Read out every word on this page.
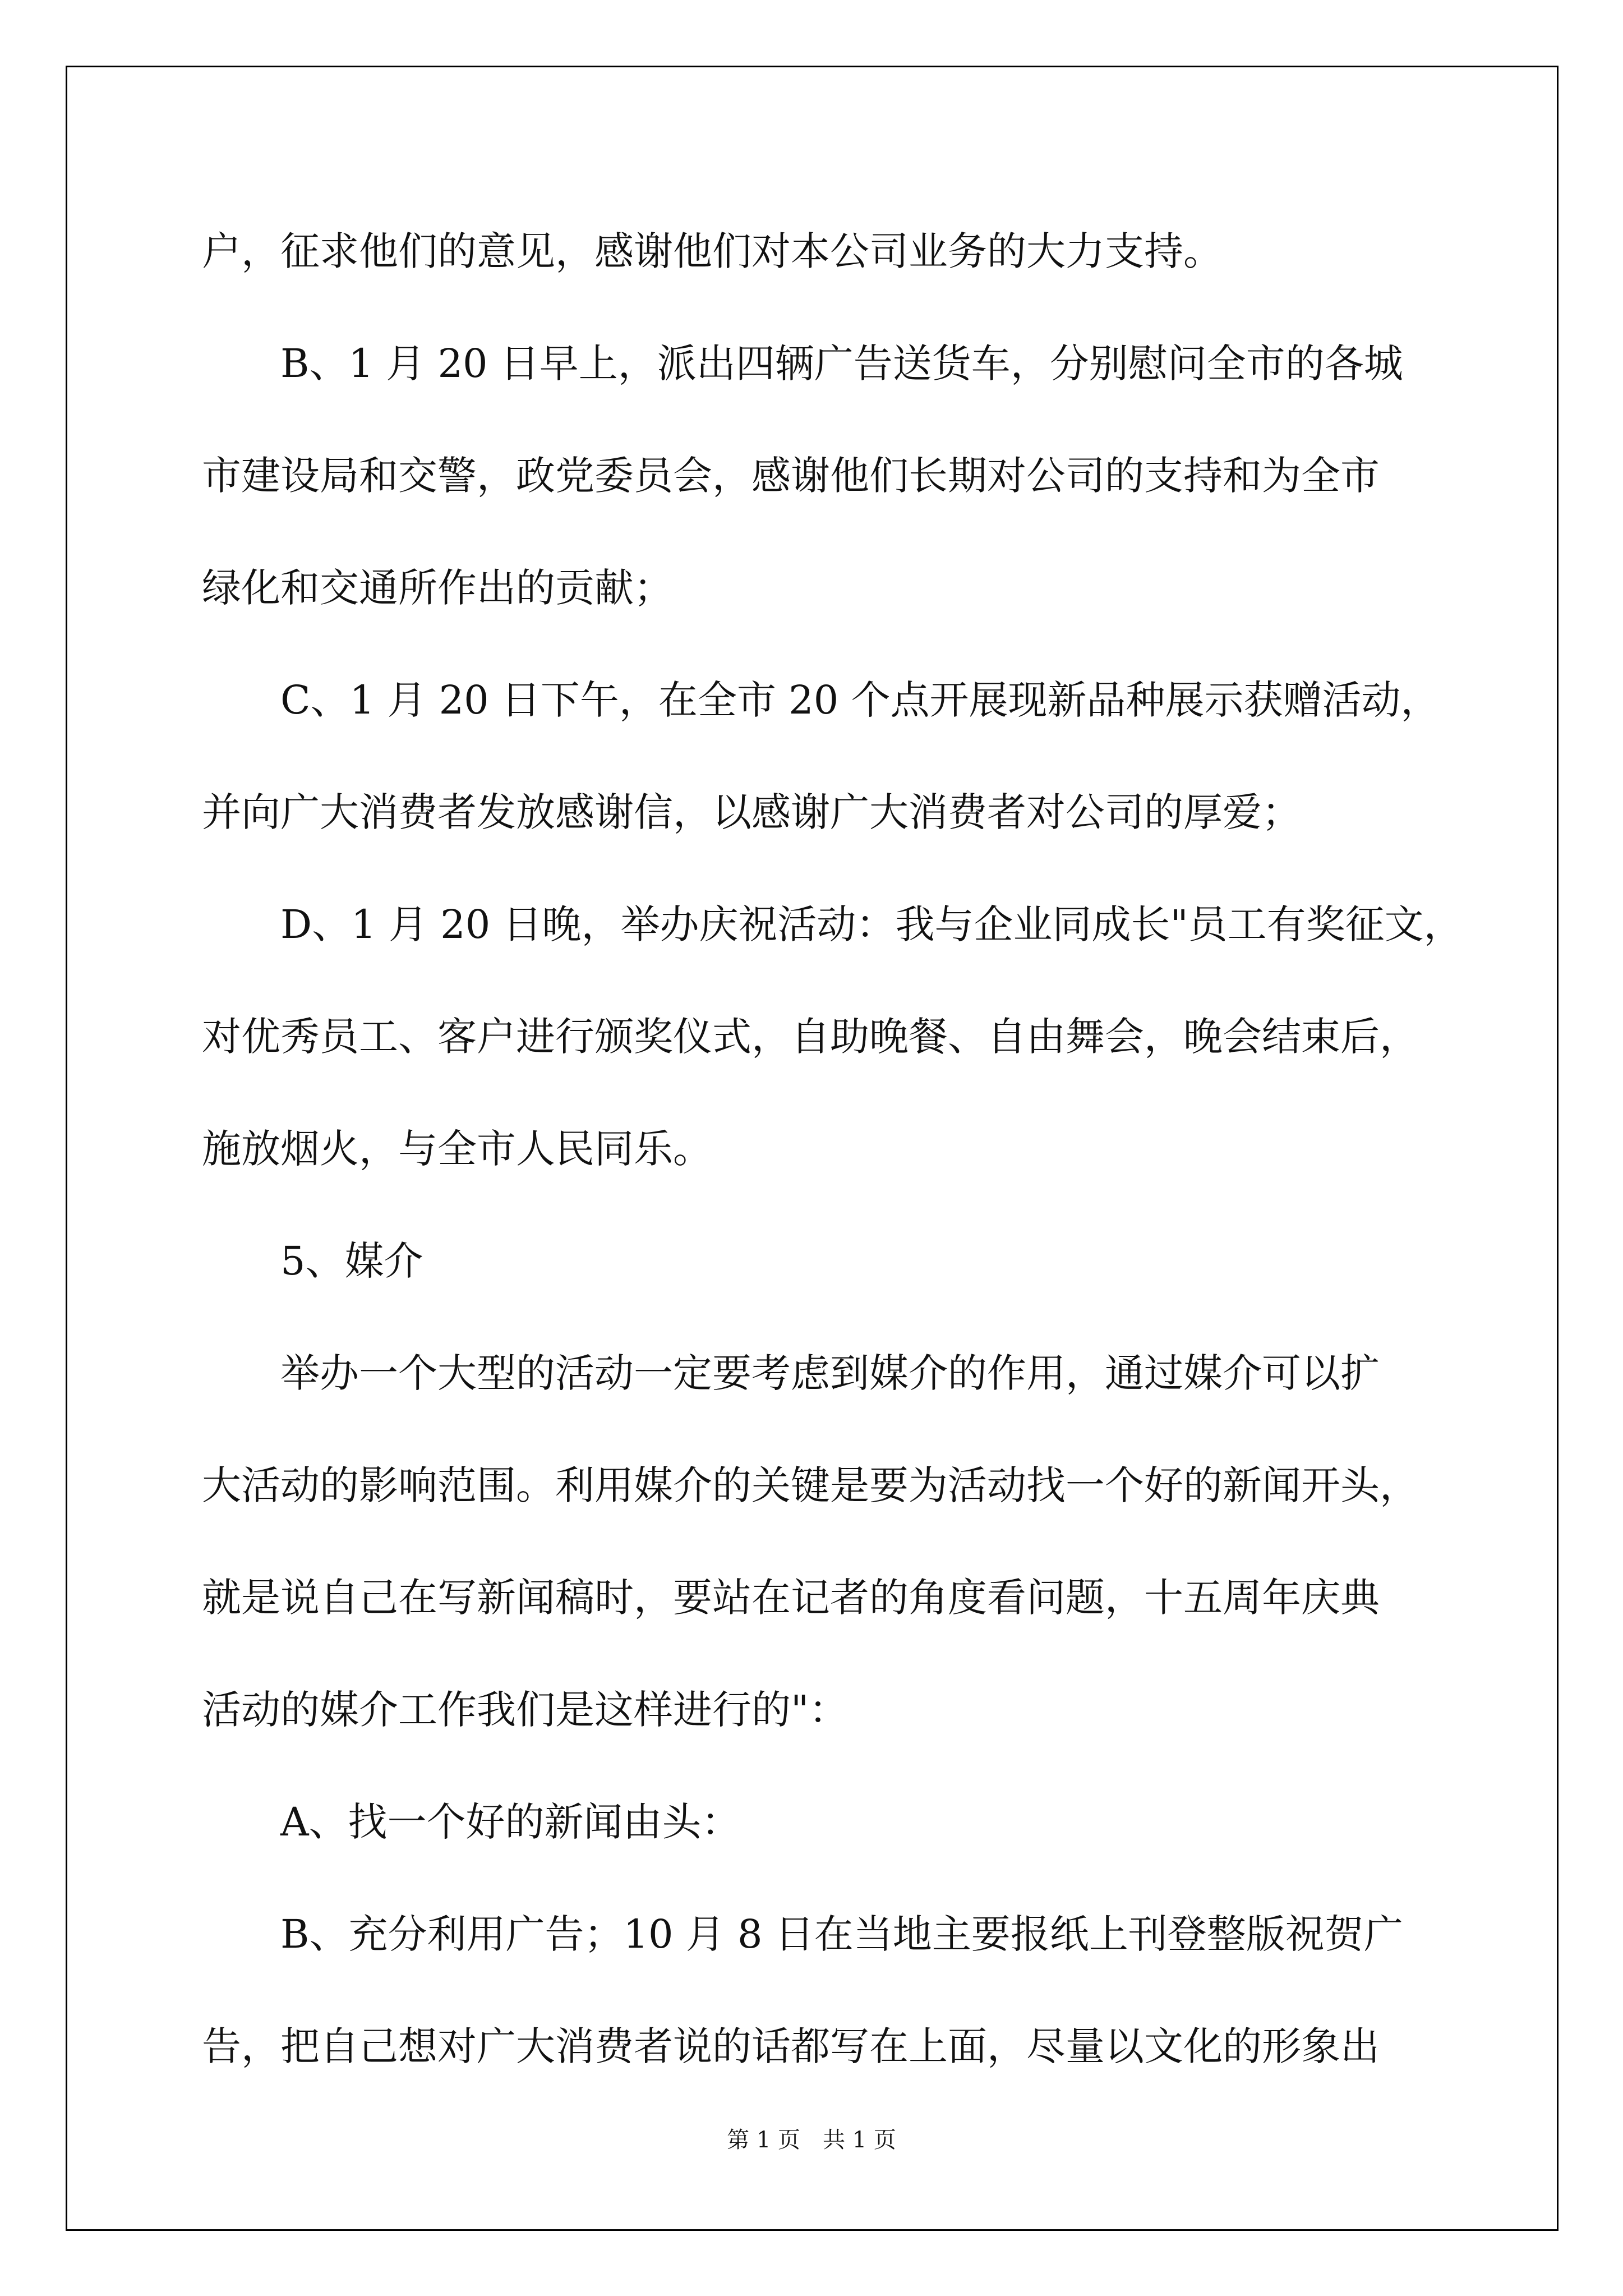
户，征求他们的意见，感谢他们对本公司业务的大力支持。

　　B、1 月 20 日早上，派出四辆广告送货车，分别慰问全市的各城

市建设局和交警，政党委员会，感谢他们长期对公司的支持和为全市

绿化和交通所作出的贡献；

　　C、1 月 20 日下午，在全市 20 个点开展现新品种展示获赠活动，

并向广大消费者发放感谢信，以感谢广大消费者对公司的厚爱；

　　D、1 月 20 日晚，举办庆祝活动：我与企业同成长"员工有奖征文，

对优秀员工、客户进行颁奖仪式，自助晚餐、自由舞会，晚会结束后，

施放烟火，与全市人民同乐。

　　5、媒介

　　举办一个大型的活动一定要考虑到媒介的作用，通过媒介可以扩

大活动的影响范围。利用媒介的关键是要为活动找一个好的新闻开头，

就是说自己在写新闻稿时，要站在记者的角度看问题，十五周年庆典

活动的媒介工作我们是这样进行的"：

　　A、找一个好的新闻由头：

　　B、充分利用广告；10 月 8 日在当地主要报纸上刊登整版祝贺广

告，把自己想对广大消费者说的话都写在上面，尽量以文化的形象出

第 1 页　共 1 页
